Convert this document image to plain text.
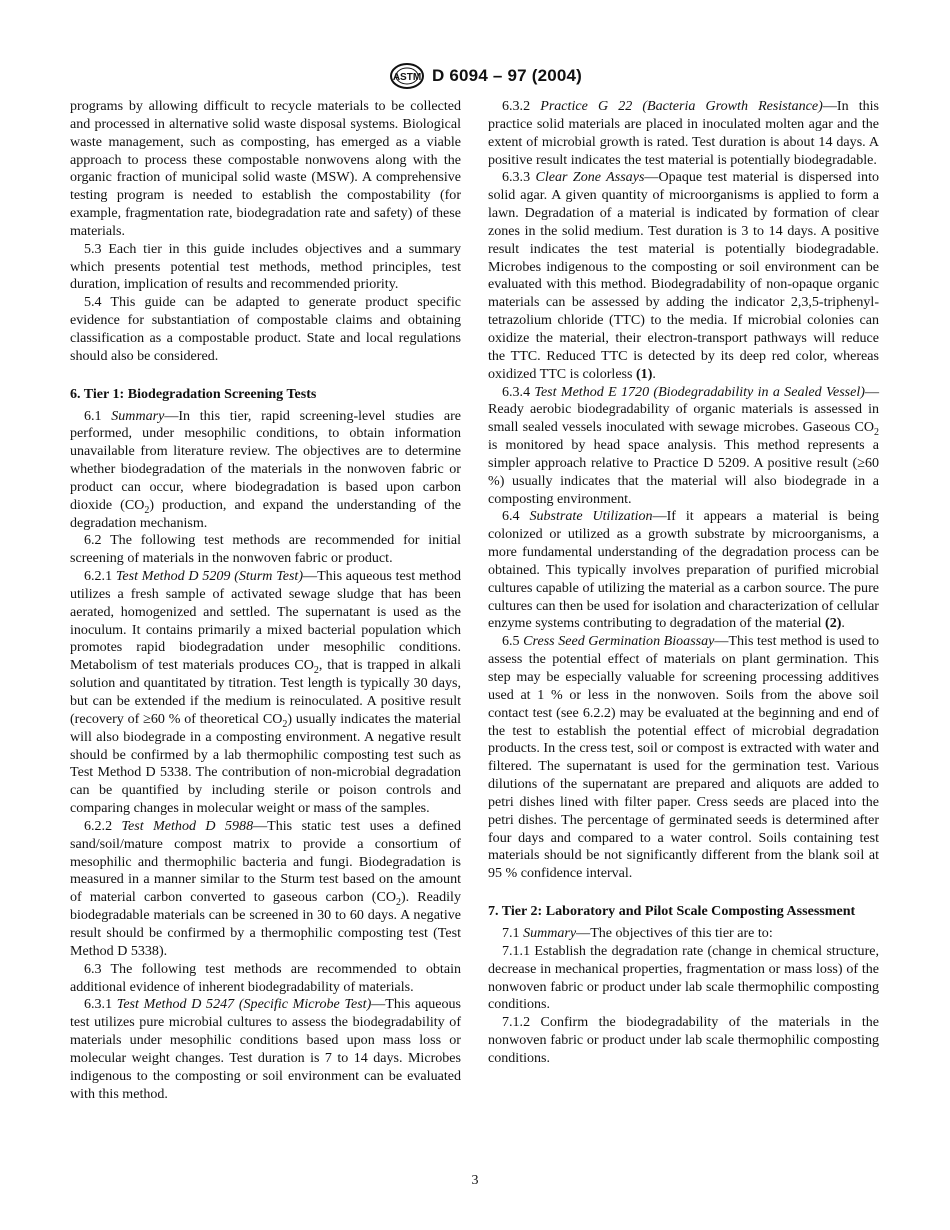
ASTM D 6094 – 97 (2004)

programs by allowing difficult to recycle materials to be collected and processed in alternative solid waste disposal systems. Biological waste management, such as composting, has emerged as a viable approach to process these compostable nonwovens along with the organic fraction of municipal solid waste (MSW). A comprehensive testing program is needed to establish the compostability (for example, fragmentation rate, biodegradation rate and safety) of these materials.

5.3 Each tier in this guide includes objectives and a summary which presents potential test methods, method principles, test duration, implication of results and recommended priority.

5.4 This guide can be adapted to generate product specific evidence for substantiation of compostable claims and obtaining classification as a compostable product. State and local regulations should also be considered.

6. Tier 1: Biodegradation Screening Tests

6.1 Summary—In this tier, rapid screening-level studies are performed, under mesophilic conditions, to obtain information unavailable from literature review. The objectives are to determine whether biodegradation of the materials in the nonwoven fabric or product can occur, where biodegradation is based upon carbon dioxide $(CO_2)$ production, and expand the understanding of the degradation mechanism.

6.2 The following test methods are recommended for initial screening of materials in the nonwoven fabric or product.

6.2.1 Test Method D 5209 (Sturm Test)—This aqueous test method utilizes a fresh sample of activated sewage sludge that has been aerated, homogenized and settled. The supernatant is used as the inoculum. It contains primarily a mixed bacterial population which promotes rapid biodegradation under mesophilic conditions. Metabolism of test materials produces $CO_2$, that is trapped in alkali solution and quantitated by titration. Test length is typically 30 days, but can be extended if the medium is reinoculated. A positive result (recovery of ≥60 % of theoretical $CO_2$) usually indicates the material will also biodegrade in a composting environment. A negative result should be confirmed by a lab thermophilic composting test such as Test Method D 5338. The contribution of non-microbial degradation can be quantified by including sterile or poison controls and comparing changes in molecular weight or mass of the samples.

6.2.2 Test Method D 5988—This static test uses a defined sand/soil/mature compost matrix to provide a consortium of mesophilic and thermophilic bacteria and fungi. Biodegradation is measured in a manner similar to the Sturm test based on the amount of material carbon converted to gaseous carbon $(CO_2)$. Readily biodegradable materials can be screened in 30 to 60 days. A negative result should be confirmed by a thermophilic composting test (Test Method D 5338).

6.3 The following test methods are recommended to obtain additional evidence of inherent biodegradability of materials.

6.3.1 Test Method D 5247 (Specific Microbe Test)—This aqueous test utilizes pure microbial cultures to assess the biodegradability of materials under mesophilic conditions based upon mass loss or molecular weight changes. Test duration is 7 to 14 days. Microbes indigenous to the composting or soil environment can be evaluated with this method.

6.3.2 Practice G 22 (Bacteria Growth Resistance)—In this practice solid materials are placed in inoculated molten agar and the extent of microbial growth is rated. Test duration is about 14 days. A positive result indicates the test material is potentially biodegradable.

6.3.3 Clear Zone Assays—Opaque test material is dispersed into solid agar. A given quantity of microorganisms is applied to form a lawn. Degradation of a material is indicated by formation of clear zones in the solid medium. Test duration is 3 to 14 days. A positive result indicates the test material is potentially biodegradable. Microbes indigenous to the composting or soil environment can be evaluated with this method. Biodegradability of non-opaque organic materials can be assessed by adding the indicator 2,3,5-triphenyl-tetrazolium chloride (TTC) to the media. If microbial colonies can oxidize the material, their electron-transport pathways will reduce the TTC. Reduced TTC is detected by its deep red color, whereas oxidized TTC is colorless (1).

6.3.4 Test Method E 1720 (Biodegradability in a Sealed Vessel)—Ready aerobic biodegradability of organic materials is assessed in small sealed vessels inoculated with sewage microbes. Gaseous $CO_2$ is monitored by head space analysis. This method represents a simpler approach relative to Practice D 5209. A positive result (≥60 %) usually indicates that the material will also biodegrade in a composting environment.

6.4 Substrate Utilization—If it appears a material is being colonized or utilized as a growth substrate by microorganisms, a more fundamental understanding of the degradation process can be obtained. This typically involves preparation of purified microbial cultures capable of utilizing the material as a carbon source. The pure cultures can then be used for isolation and characterization of cellular enzyme systems contributing to degradation of the material (2).

6.5 Cress Seed Germination Bioassay—This test method is used to assess the potential effect of materials on plant germination. This step may be especially valuable for screening processing additives used at 1 % or less in the nonwoven. Soils from the above soil contact test (see 6.2.2) may be evaluated at the beginning and end of the test to establish the potential effect of microbial degradation products. In the cress test, soil or compost is extracted with water and filtered. The supernatant is used for the germination test. Various dilutions of the supernatant are prepared and aliquots are added to petri dishes lined with filter paper. Cress seeds are placed into the petri dishes. The percentage of germinated seeds is determined after four days and compared to a water control. Soils containing test materials should be not significantly different from the blank soil at 95 % confidence interval.

7. Tier 2: Laboratory and Pilot Scale Composting Assessment

7.1 Summary—The objectives of this tier are to:

7.1.1 Establish the degradation rate (change in chemical structure, decrease in mechanical properties, fragmentation or mass loss) of the nonwoven fabric or product under lab scale thermophilic composting conditions.

7.1.2 Confirm the biodegradability of the materials in the nonwoven fabric or product under lab scale thermophilic composting conditions.

3
